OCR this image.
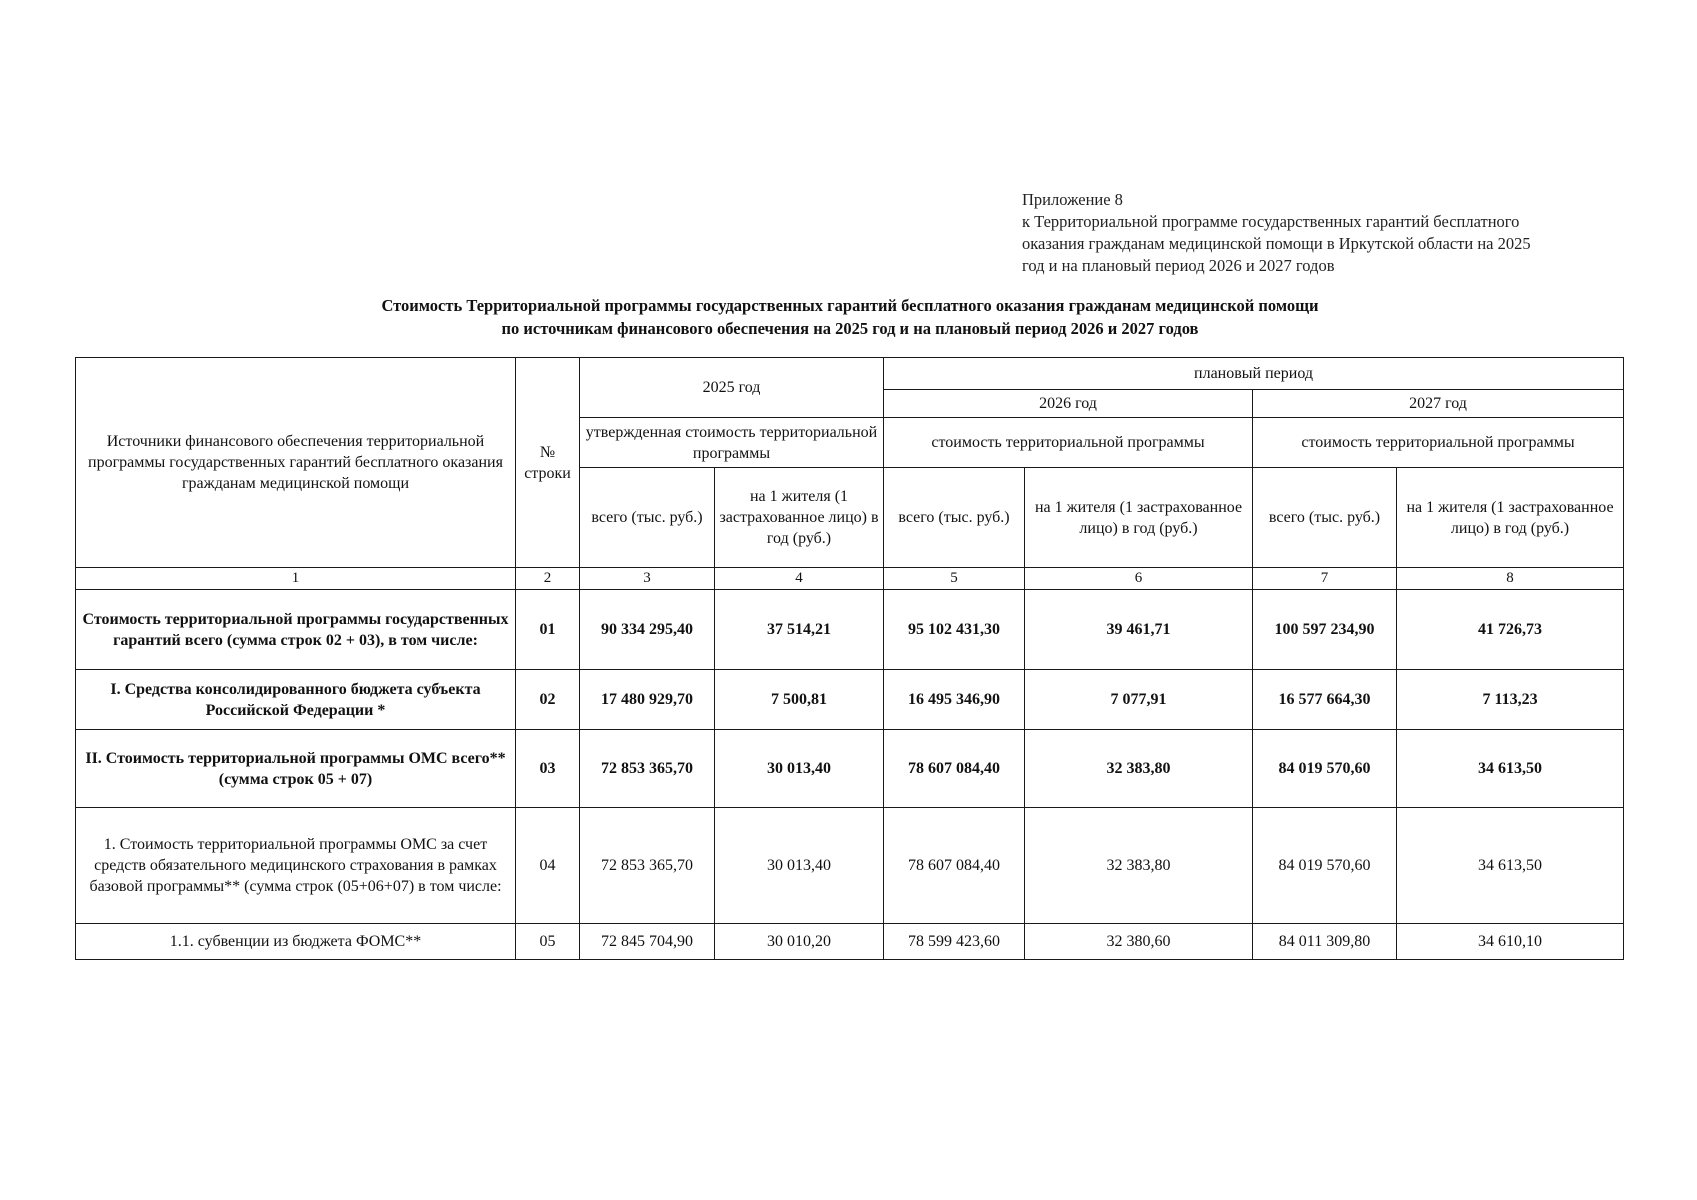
Приложение 8
к Территориальной программе государственных гарантий бесплатного
оказания гражданам медицинской помощи в Иркутской области на 2025
год и на плановый период 2026 и 2027 годов
Стоимость Территориальной программы государственных гарантий бесплатного оказания гражданам медицинской помощи
по источникам финансового обеспечения на 2025 год и на плановый период 2026 и 2027 годов
Источники финансового обеспечения территориальной программы государственных гарантий бесплатного оказания гражданам медицинской помощи	№ строки	2025 год		плановый период			
				2026 год		2027 год	
		утвержденная стоимость территориальной программы		стоимость территориальной программы		стоимость территориальной программы	
		всего (тыс. руб.)	на 1 жителя (1 застрахованное лицо) в год (руб.)	всего (тыс. руб.)	на 1 жителя (1 застрахованное лицо) в год (руб.)	всего (тыс. руб.)	на 1 жителя (1 застрахованное лицо) в год (руб.)
1	2	3	4	5	6	7	8
Стоимость территориальной программы государственных гарантий всего (сумма строк 02 + 03), в том числе:	01	90 334 295,40	37 514,21	95 102 431,30	39 461,71	100 597 234,90	41 726,73
I. Средства консолидированного бюджета субъекта Российской Федерации *	02	17 480 929,70	7 500,81	16 495 346,90	7 077,91	16 577 664,30	7 113,23
II. Стоимость территориальной программы ОМС всего** (сумма строк 05 + 07)	03	72 853 365,70	30 013,40	78 607 084,40	32 383,80	84 019 570,60	34 613,50
1. Стоимость территориальной программы ОМС за счет средств обязательного медицинского страхования в рамках базовой программы** (сумма строк (05+06+07) в том числе:	04	72 853 365,70	30 013,40	78 607 084,40	32 383,80	84 019 570,60	34 613,50
1.1. субвенции из бюджета ФОМС**	05	72 845 704,90	30 010,20	78 599 423,60	32 380,60	84 011 309,80	34 610,10
